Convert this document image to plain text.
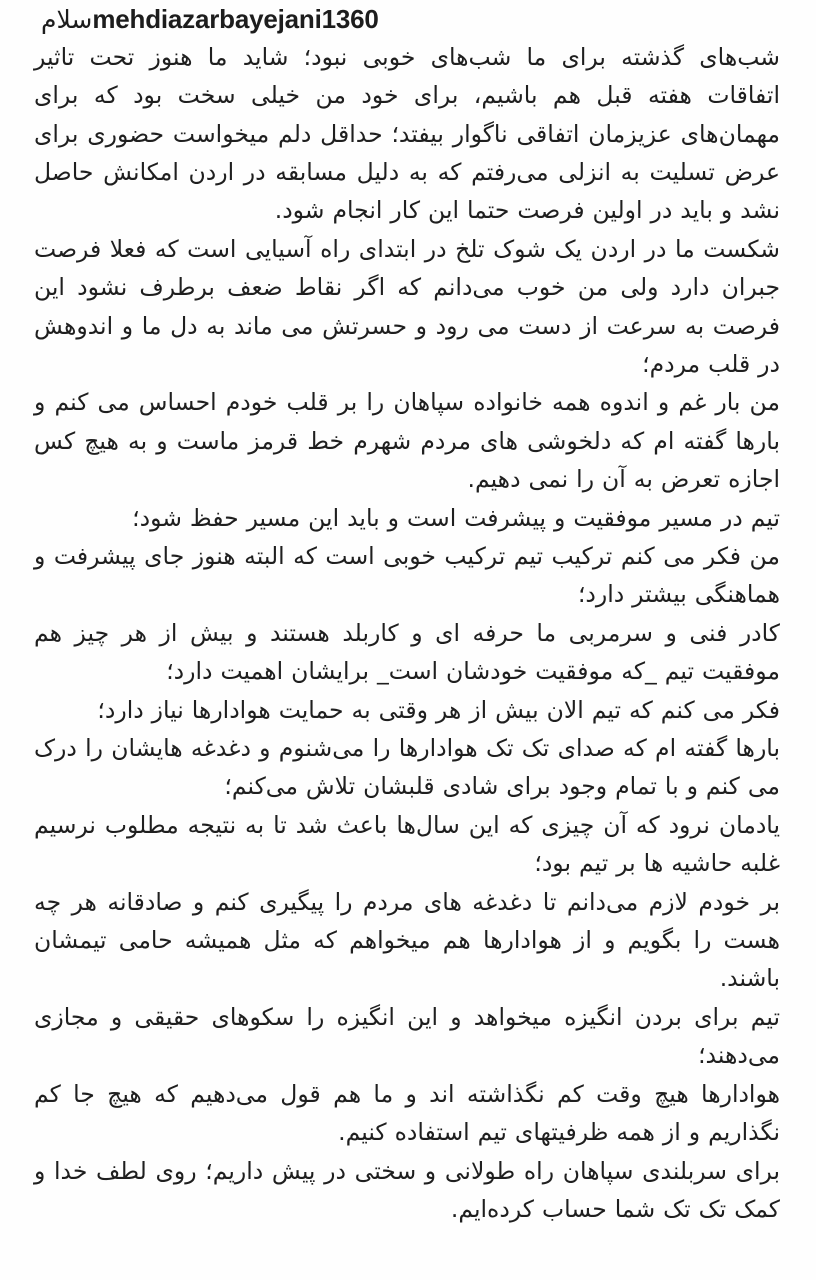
mehdiazarbayejani1360سلام

شب‌های گذشته برای ما شب‌های خوبی نبود؛ شاید ما هنوز تحت تاثیر اتفاقات هفته قبل هم باشیم، برای خود من خیلی سخت بود که برای مهمان‌های عزیزمان اتفاقی ناگوار بیفتد؛ حداقل دلم میخواست حضوری برای عرض تسلیت به انزلی می‌رفتم که به دلیل مسابقه در اردن امکانش حاصل نشد و باید در اولین فرصت حتما این کار انجام شود.

شکست ما در اردن یک شوک تلخ در ابتدای راه آسیایی است که فعلا فرصت جبران دارد ولی من خوب می‌دانم که اگر نقاط ضعف برطرف نشود این فرصت به سرعت از دست می رود و حسرتش می ماند به دل ما و اندوهش در قلب مردم؛

من بار غم و اندوه همه خانواده سپاهان را بر قلب خودم احساس می کنم و بارها گفته ام که دلخوشی های مردم شهرم خط قرمز ماست و به هیچ کس اجازه تعرض به آن را نمی دهیم.

تیم در مسیر موفقیت و پیشرفت است و باید این مسیر حفظ شود؛

من فکر می کنم ترکیب تیم ترکیب خوبی است که البته هنوز جای پیشرفت و هماهنگی بیشتر دارد؛

کادر فنی و سرمربی ما حرفه ای و کاربلد هستند و بیش از هر چیز هم موفقیت تیم _که موفقیت خودشان است_ برایشان اهمیت دارد؛

فکر می کنم که تیم الان بیش از هر وقتی به حمایت هوادارها نیاز دارد؛

بارها گفته ام که صدای تک تک هوادارها را می‌شنوم و دغدغه هایشان را درک می کنم و با تمام وجود برای شادی قلبشان تلاش می‌کنم؛

یادمان نرود که آن چیزی که این سال‌ها باعث شد تا به نتیجه مطلوب نرسیم غلبه حاشیه ها بر تیم بود؛

بر خودم لازم می‌دانم تا دغدغه های مردم را پیگیری کنم و صادقانه هر چه هست را بگویم و از هوادارها هم میخواهم که مثل همیشه حامی تیمشان باشند.

تیم برای بردن انگیزه میخواهد و این انگیزه را سکوهای حقیقی و مجازی می‌دهند؛

هوادارها هیچ وقت کم نگذاشته اند و ما هم قول می‌دهیم که هیچ جا کم نگذاریم و از همه ظرفیتهای تیم استفاده کنیم.

برای سربلندی سپاهان راه طولانی و سختی در پیش داریم؛ روی لطف خدا و کمک تک تک شما حساب کرده‌ایم.
